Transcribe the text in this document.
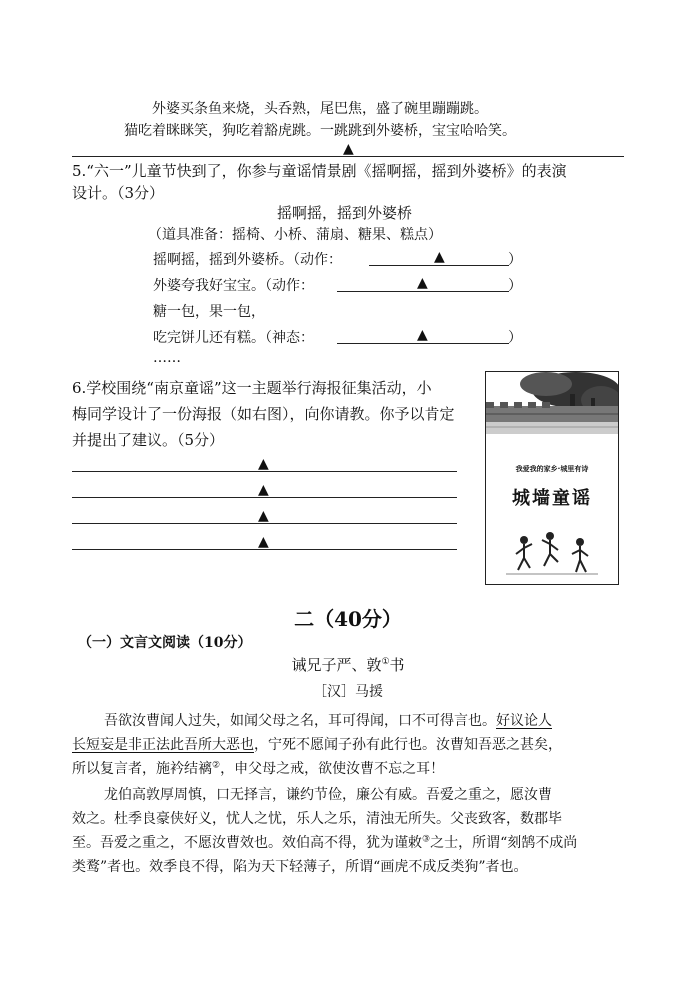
外婆买条鱼来烧，头呑熟，尾巴焦，盛了碗里蹦蹦跳。
猫吃着眯眯笑，狗吃着豁虎跳。一跳跳到外婆桥，宝宝哈哈笑。
▲
5.“六一”儿童节快到了，你参与童谣情景剧《摇啊摇，摇到外婆桥》的表演
设计。（3分）
摇啊摇，摇到外婆桥
（道具准备：摇椅、小桥、蒲扇、糖果、糕点）
摇啊摇，摇到外婆桥。（动作：	▲	）
外婆夸我好宝宝。（动作：	▲	）
糖一包，果一包，
吃完饼儿还有糕。（神态：	▲	）
……
6.学校围绕“南京童谣”这一主题举行海报征集活动，小
梅同学设计了一份海报（如右图），向你请教。你予以肯定
并提出了建议。（5分）
▲
▲
▲
▲
我爱我的家乡·城里有诗
城墙童谣
二（40分）
（一）文言文阅读（10分）
诫兄子严、敦①书
［汉］马援
吾欲汝曹闻人过失，如闻父母之名，耳可得闻，口不可得言也。好议论人
长短妄是非正法此吾所大恶也，宁死不愿闻子孙有此行也。汝曹知吾恶之甚矣，
所以复言者，施衿结褵②，申父母之戒，欲使汝曹不忘之耳！
龙伯高敦厚周慎，口无择言，谦约节俭，廉公有威。吾爱之重之，愿汝曹
效之。杜季良豪侠好义，忧人之忧，乐人之乐，清浊无所失。父丧致客，数郡毕
至。吾爱之重之，不愿汝曹效也。效伯高不得，犹为谨敕③之士，所谓“刻鹄不成尚
类鹜”者也。效季良不得，陷为天下轻薄子，所谓“画虎不成反类狗”者也。
